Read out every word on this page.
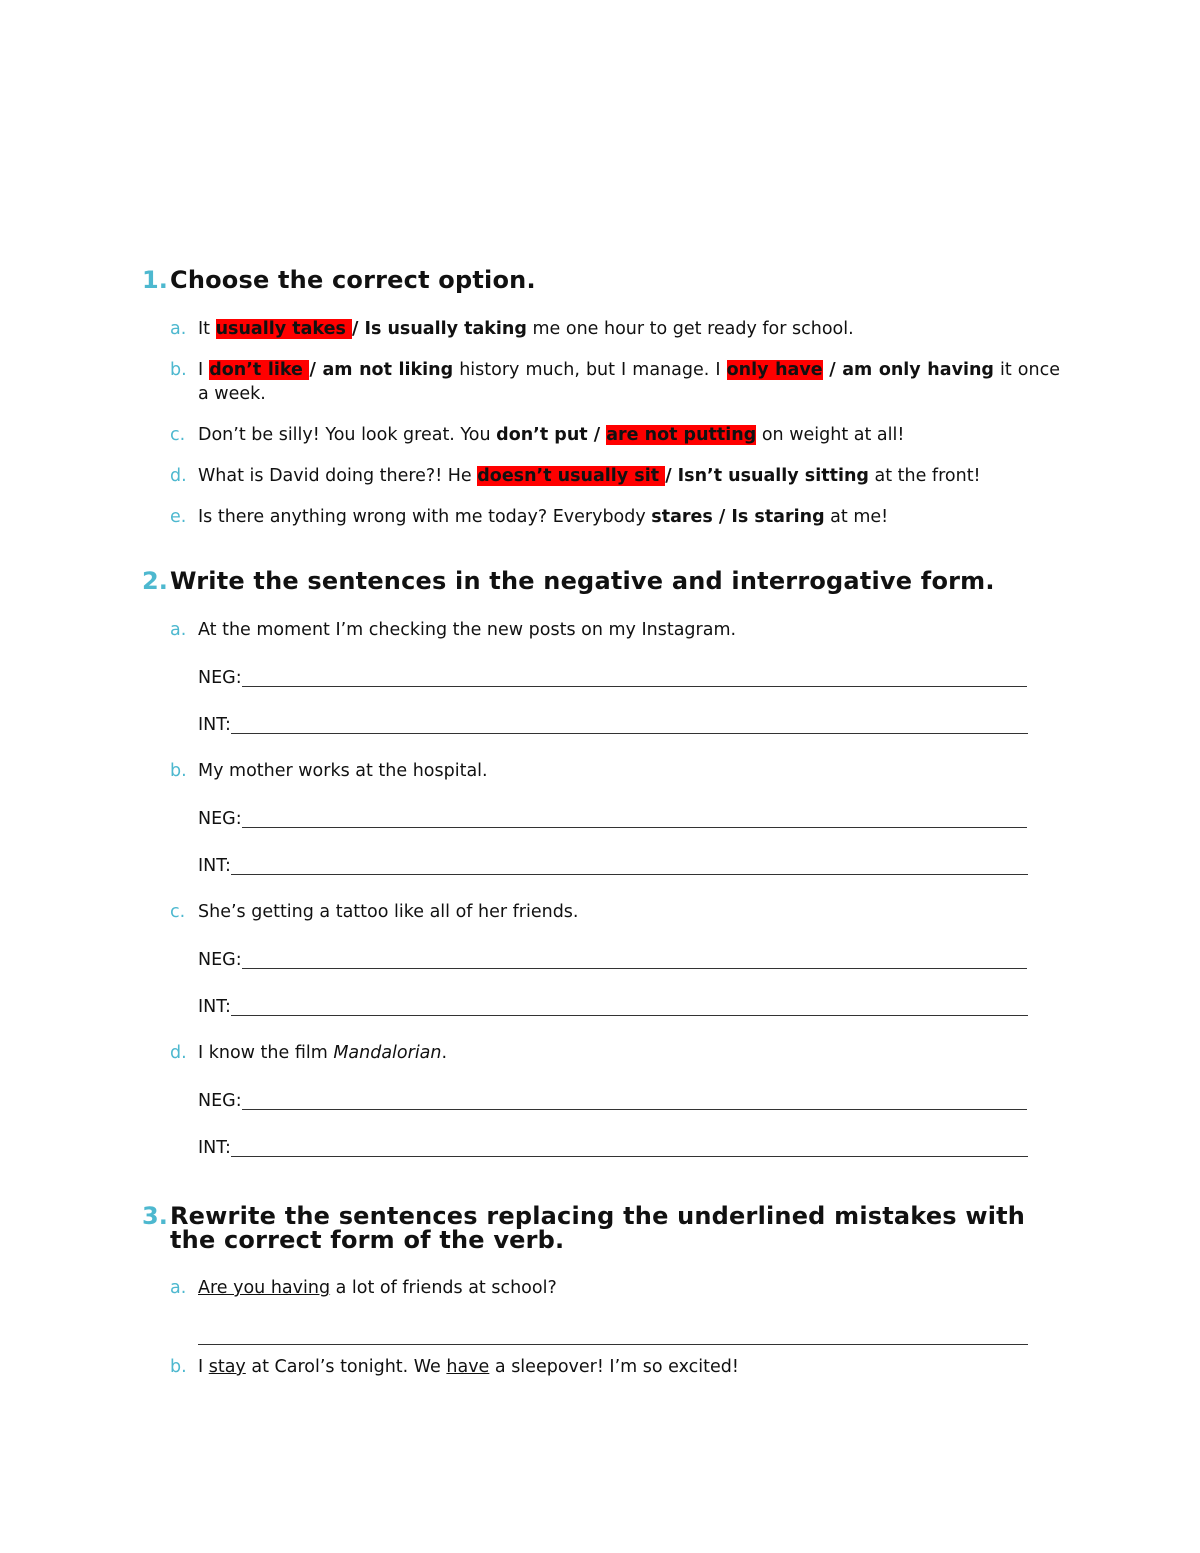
1. Choose the correct option.
a. It usually takes / Is usually taking me one hour to get ready for school.
b. I don’t like / am not liking history much, but I manage. I only have / am only having it once a week.
c. Don’t be silly! You look great. You don’t put / are not putting on weight at all!
d. What is David doing there?! He doesn’t usually sit / Isn’t usually sitting at the front!
e. Is there anything wrong with me today? Everybody stares / Is staring at me!
2. Write the sentences in the negative and interrogative form.
a. At the moment I’m checking the new posts on my Instagram.
NEG:
INT:
b. My mother works at the hospital.
NEG:
INT:
c. She’s getting a tattoo like all of her friends.
NEG:
INT:
d. I know the film Mandalorian.
NEG:
INT:
3. Rewrite the sentences replacing the underlined mistakes with the correct form of the verb.
a. Are you having a lot of friends at school?
b. I stay at Carol’s tonight. We have a sleepover! I’m so excited!
